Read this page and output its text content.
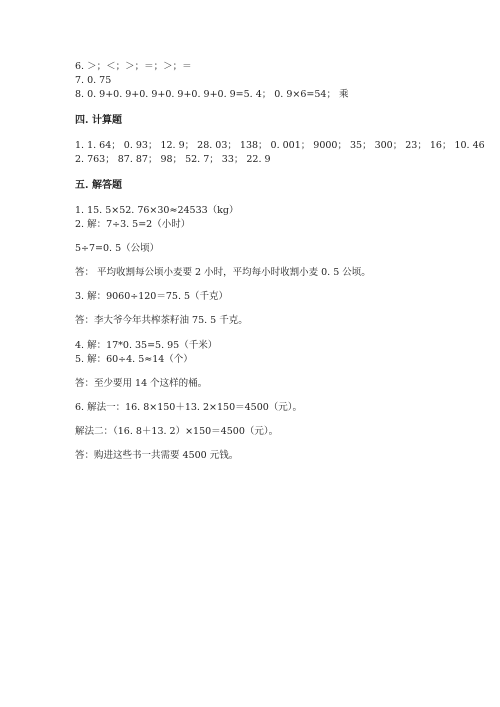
6. ＞；＜；＞；＝；＞；＝
7. 0. 75
8. 0. 9+0. 9+0. 9+0. 9+0. 9+0. 9=5. 4； 0. 9×6=54； 乘
四. 计算题
1. 1. 64； 0. 93； 12. 9； 28. 03； 138； 0. 001； 9000； 35； 300； 23； 16； 10. 46
2. 763； 87. 87； 98； 52. 7； 33； 22. 9
五. 解答题
1. 15. 5×52. 76×30≈24533（kg）
2. 解：7÷3. 5=2（小时）
5÷7=0. 5（公顷）
答： 平均收割每公顷小麦要 2 小时，平均每小时收割小麦 0. 5 公顷。
3. 解：9060÷120＝75. 5（千克）
答：李大爷今年共榨茶籽油 75. 5 千克。
4. 解：17*0. 35=5. 95（千米）
5. 解：60÷4. 5≈14（个）
答：至少要用 14 个这样的桶。
6. 解法一：16. 8×150＋13. 2×150＝4500（元）。
解法二：（16. 8＋13. 2）×150＝4500（元）。
答：购进这些书一共需要 4500 元钱。
